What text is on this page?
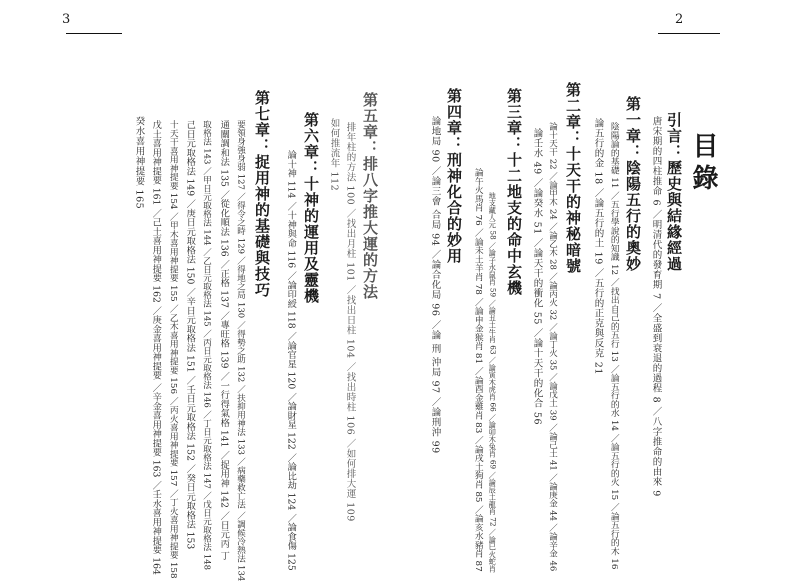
3	2
目錄
引言：歷史與結緣經過
唐宋期的四柱推命 6 ／明清代的發育期 7 ／全盛到衰退的過程 8 ／八字推命的由來 9
第一章：陰陽五行的奧妙
陰陽論的基礎 11 ／五行學說的知識 12 ／找出自己的五行 13 ／論五行的水 14 ／論五行的火 15 ／論五行的木 16
論五行的金 18 ／論五行的土 19 ／五行的正克與反克 21
第二章：十天干的神秘暗號
論十天干 22 ／論甲木 24 ／論乙木 28 ／論丙火 32 ／論丁火 35 ／論戊土 39 ／論己土 41 ／論庚金 44 ／論辛金 46
論壬水 49 ／論癸水 51 ／論天干的衝化 55 ／論十天干的化合 56
第三章：十二地支的命中玄機
地支藏人元 58 ／論子水鼠肖 59 ／論丑土牛肖 63 ／論寅木虎肖 66 ／論卯木兔肖 69 ／論辰土龍肖 72 ／論巳火蛇肖
論午火馬肖 76 ／論未土羊肖 78 ／論申金猴肖 81 ／論酉金雞肖 83 ／論戌土狗肖 85 ／論亥水豬肖 87
第四章：刑神化合的妙用
論地局 90 ／論三會 合局 94 ／論合化局 96 ／論 刑 沖局 97 ／論刑沖 99
第五章：排八字推大運的方法
排年柱的方法 100 ／找出月柱 101 ／找出日柱 104 ／找出時柱 106 ／如何排大運 109
如何推流年 112
第六章：十神的運用及靈機
論十神 114 ／十神與命 116 ／論印綬 118 ／論官星 120 ／論財星 122 ／論比劫 124 ／論食傷 125
第七章：捉用神的基礎與技巧
要領身強身弱 127 ／得令之時 129 ／得地之局 130 ／得勢之助 132 ／扶抑用神法 133 ／病藥救亡法 ／調候冷熱法 134
通關調和法 135 ／從化順法 136 ／正格 137 ／專旺格 139 ／一行得氣格 141 ／捉用神 142 ／日元丙 丁
取格法 143 ／甲日元取格法 144 ／乙日元取格法 145 ／丙日元取格法 146 ／丁日元取格法 147 ／戊日元取格法 148
己日元取格法 149 ／庚日元取格法 150 ／辛日元取格法 151 ／壬日元取格法 152 ／癸日元取格法 153
十天干喜用神提要 154 ／甲木喜用神提要 155 ／乙木喜用神提要 156 ／丙火喜用神提要 157 ／丁火喜用神提要 158
戊土喜用神提要 161 ／己土喜用神提要 162 ／庚金喜用神提要 ／辛金喜用神提要 163 ／壬水喜用神提要 164
癸水喜用神提要 165
